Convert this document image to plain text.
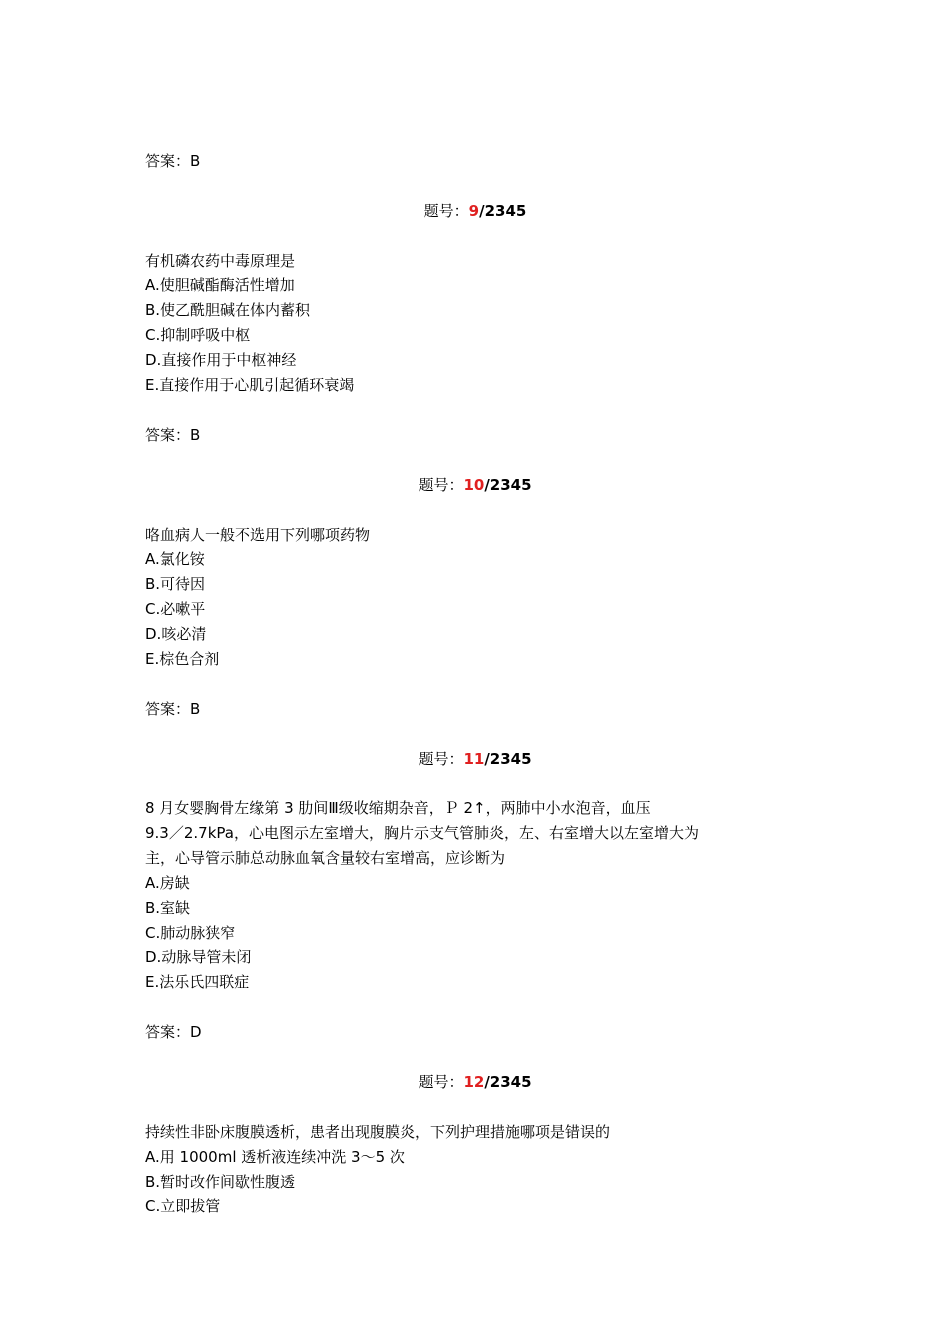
答案：B
题号：9/2345
有机磷农药中毒原理是
A.使胆碱酯酶活性增加
B.使乙酰胆碱在体内蓄积
C.抑制呼吸中枢
D.直接作用于中枢神经
E.直接作用于心肌引起循环衰竭
答案：B
题号：10/2345
咯血病人一般不选用下列哪项药物
A.氯化铵
B.可待因
C.必嗽平
D.咳必清
E.棕色合剂
答案：B
题号：11/2345
8 月女婴胸骨左缘第 3 肋间Ⅲ级收缩期杂音，Ｐ 2↑，两肺中小水泡音，血压
9.3／2.7kPa，心电图示左室增大，胸片示支气管肺炎，左、右室增大以左室增大为
主，心导管示肺总动脉血氧含量较右室增高，应诊断为
A.房缺
B.室缺
C.肺动脉狭窄
D.动脉导管未闭
E.法乐氏四联症
答案：D
题号：12/2345
持续性非卧床腹膜透析，患者出现腹膜炎，下列护理措施哪项是错误的
A.用 1000ml 透析液连续冲洗 3～5 次
B.暂时改作间歇性腹透
C.立即拔管
